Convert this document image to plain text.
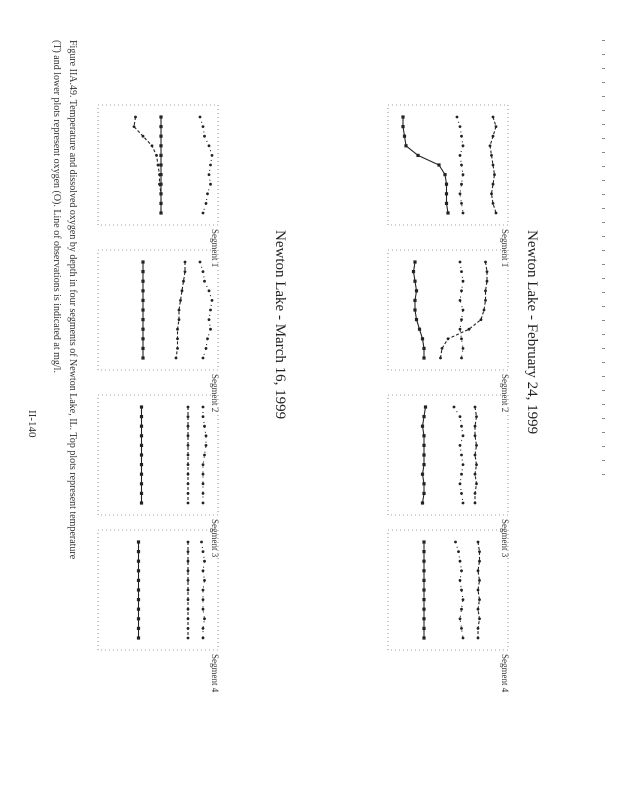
Newton Lake - February 24, 1999
Newton Lake - March 16, 1999	Segment 1
Segment 2
Segment 3
Segment 4
Segment 1
Segment 2
Segment 3
Segment 4
Figure IIA.49. Temperature and dissolved oxygen by depth in four segments of Newton Lake, IL. Top plots represent temperature
(T) and lower plots represent oxygen (O). Line of observations is indicated at mg/l.
II-140
